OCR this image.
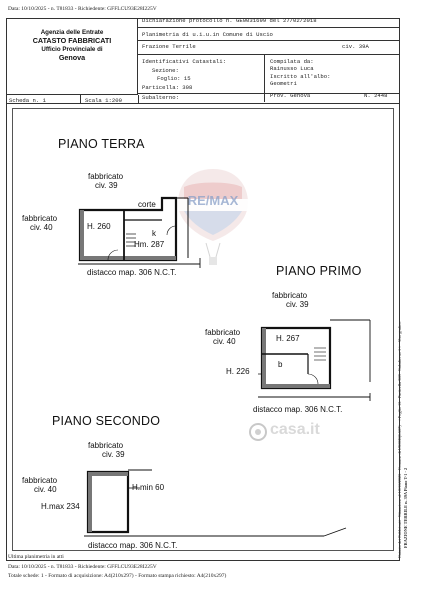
Data: 10/10/2025 - n. T81833 - Richiedente: GFFLCU93E28I225V
Agenzia delle Entrate
CATASTO FABBRICATI
Ufficio Provinciale di
Genova
Dichiarazione protocollo n. GE0031699 del 27/02/2018
Planimetria di u.i.u.in Comune di Uscio
Frazione Terrile	civ. 39A
Identificativi Catastali:
Sezione:
Foglio: 15
Particella: 308
Subalterno:
Compilata da:
Rainusso Luca
Iscritto all'albo:
Geometri
Prov. Genova	N. 2448
Scheda n. 1	Scala 1:200
RE/MAX
casa.it
PIANO TERRA
fabbricato
civ. 39
fabbricato
civ. 40
corte
H. 260
k
Hm. 287
distacco map. 306 N.C.T.	PIANO PRIMO
fabbricato
civ. 39
fabbricato
civ. 40	H. 267
b
H. 226
distacco map. 306 N.C.T.
PIANO SECONDO
fabbricato
civ. 39
fabbricato
civ. 40	H.min 60
H.max 234
distacco map. 306 N.C.T.
Ultima planimetria in atti
Data: 10/10/2025 - n. T81833 - Richiedente: GFFLCU93E28I225V
Totale schede: 1 - Formato di acquisizione: A4(210x297) - Formato stampa richiesto: A4(210x297)
Catasto dei Fabbricati - Situazione al 10/10/2025 - Comune di USCIO(L507) - < Foglio 15 - Particella 308 - Subalterno 1 > - Uso grafico FRAZIONE TERRILE n. 39A Piano T-1 - 2
